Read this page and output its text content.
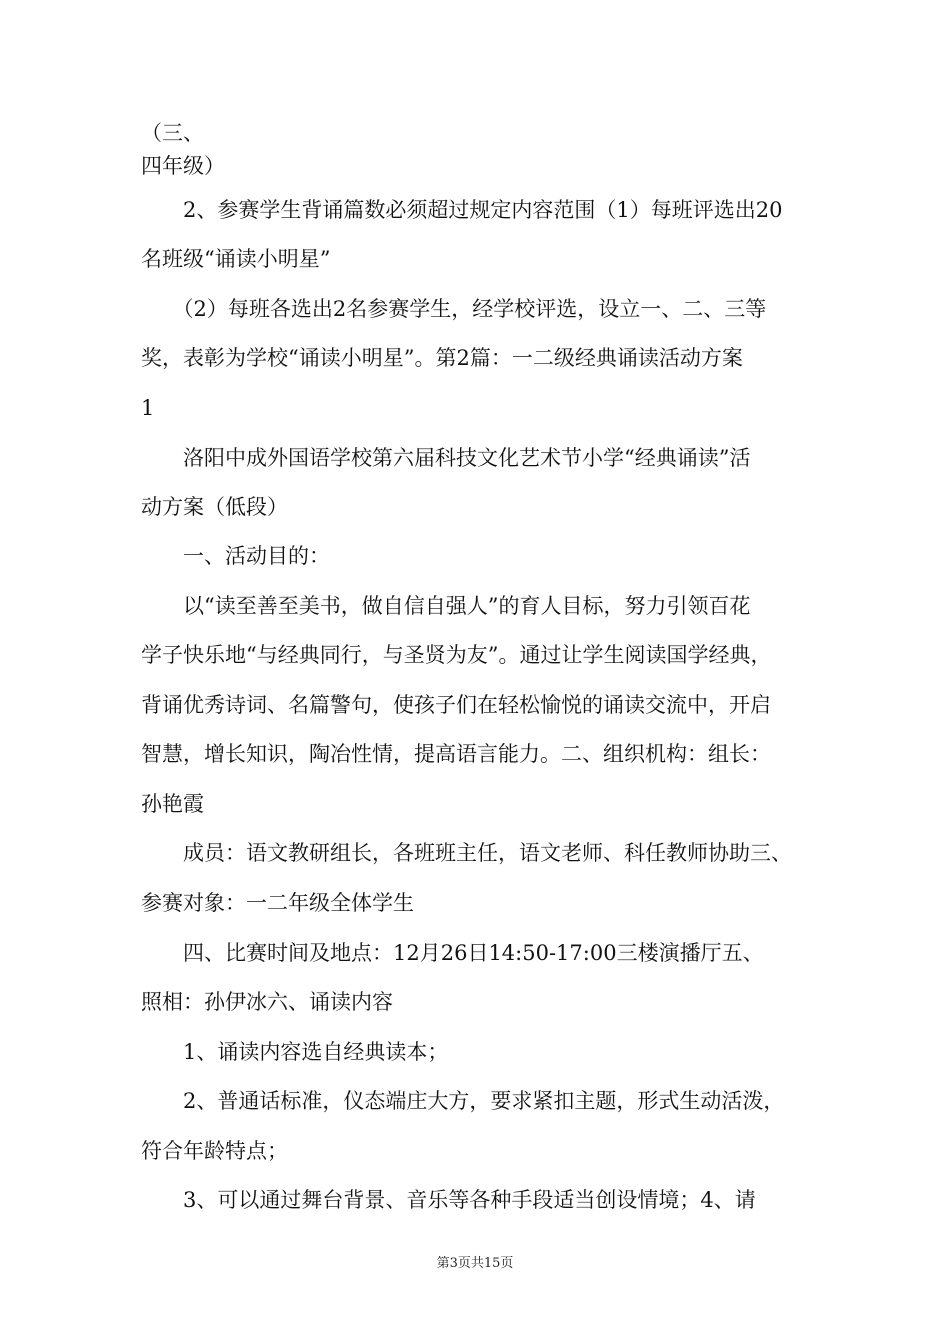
（三、
四年级）
　　2、参赛学生背诵篇数必须超过规定内容范围（1）每班评选出20
名班级“诵读小明星”
　　（2）每班各选出2名参赛学生，经学校评选，设立一、二、三等
奖，表彰为学校“诵读小明星”。第2篇：一二级经典诵读活动方案
1
　　洛阳中成外国语学校第六届科技文化艺术节小学“经典诵读”活
动方案（低段）
　　一、活动目的：
　　以“读至善至美书，做自信自强人”的育人目标，努力引领百花
学子快乐地“与经典同行，与圣贤为友”。通过让学生阅读国学经典，
背诵优秀诗词、名篇警句，使孩子们在轻松愉悦的诵读交流中，开启
智慧，增长知识，陶冶性情，提高语言能力。二、组织机构：组长：
孙艳霞
　　成员：语文教研组长，各班班主任，语文老师、科任教师协助三、
参赛对象：一二年级全体学生
　　四、比赛时间及地点：12月26日14:50-17:00三楼演播厅五、
照相：孙伊冰六、诵读内容
　　1、诵读内容选自经典读本；
　　2、普通话标准，仪态端庄大方，要求紧扣主题，形式生动活泼，
符合年龄特点；
　　3、可以通过舞台背景、音乐等各种手段适当创设情境；4、请
第3页共15页
